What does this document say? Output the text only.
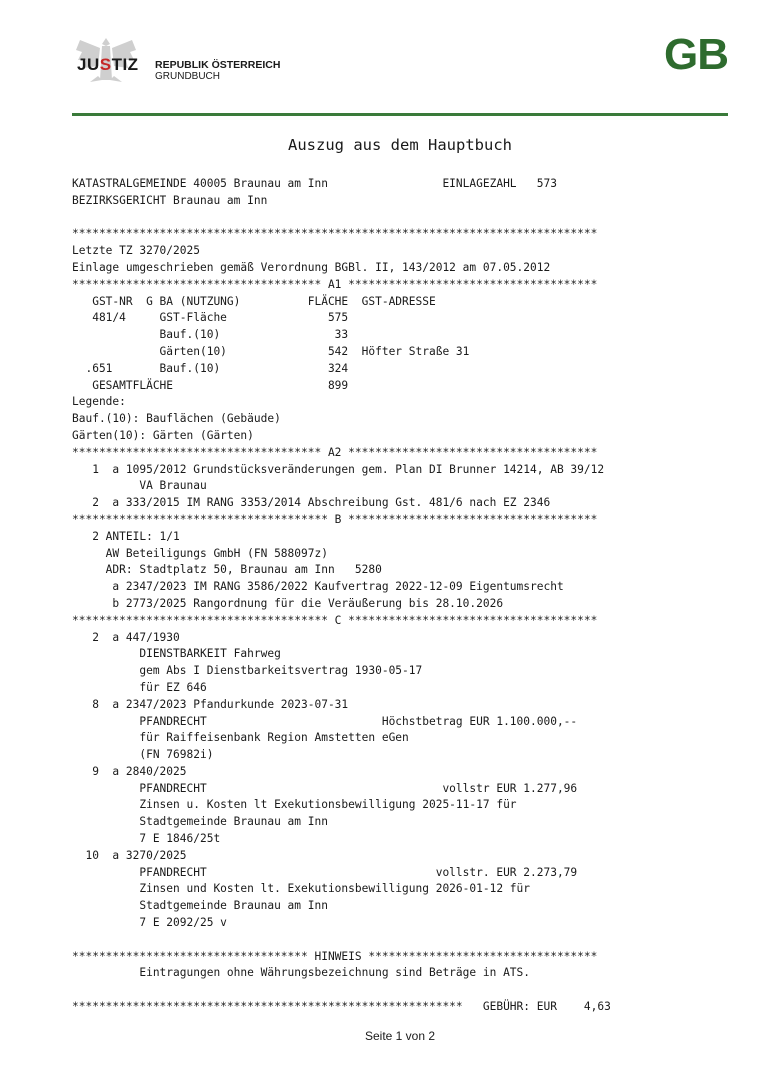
JUSTIZ REPUBLIK ÖSTERREICH
GRUNDBUCH	GB
Auszug aus dem Hauptbuch
KATASTRALGEMEINDE 40005 Braunau am Inn                 EINLAGEZAHL   573
BEZIRKSGERICHT Braunau am Inn
******************************************************************************
Letzte TZ 3270/2025
Einlage umgeschrieben gemäß Verordnung BGBl. II, 143/2012 am 07.05.2012
************************************* A1 *************************************
GST-NR  G BA (NUTZUNG)          FLÄCHE  GST-ADRESSE
481/4     GST-Fläche               575
Bauf.(10)                 33
Gärten(10)               542  Höfter Straße 31
.651       Bauf.(10)                324
GESAMTFLÄCHE                       899
Legende:
Bauf.(10): Bauflächen (Gebäude)
Gärten(10): Gärten (Gärten)
************************************* A2 *************************************
1  a 1095/2012 Grundstücksveränderungen gem. Plan DI Brunner 14214, AB 39/12
VA Braunau
2  a 333/2015 IM RANG 3353/2014 Abschreibung Gst. 481/6 nach EZ 2346
************************************** B *************************************
2 ANTEIL: 1/1
AW Beteiligungs GmbH (FN 588097z)
ADR: Stadtplatz 50, Braunau am Inn   5280
a 2347/2023 IM RANG 3586/2022 Kaufvertrag 2022-12-09 Eigentumsrecht
b 2773/2025 Rangordnung für die Veräußerung bis 28.10.2026
************************************** C *************************************
2  a 447/1930
DIENSTBARKEIT Fahrweg
gem Abs I Dienstbarkeitsvertrag 1930-05-17
für EZ 646
8  a 2347/2023 Pfandurkunde 2023-07-31
PFANDRECHT                          Höchstbetrag EUR 1.100.000,--
für Raiffeisenbank Region Amstetten eGen
(FN 76982i)
9  a 2840/2025
PFANDRECHT                                   vollstr EUR 1.277,96
Zinsen u. Kosten lt Exekutionsbewilligung 2025-11-17 für
Stadtgemeinde Braunau am Inn
7 E 1846/25t
10  a 3270/2025
PFANDRECHT                                  vollstr. EUR 2.273,79
Zinsen und Kosten lt. Exekutionsbewilligung 2026-01-12 für
Stadtgemeinde Braunau am Inn
7 E 2092/25 v
*********************************** HINWEIS **********************************
Eintragungen ohne Währungsbezeichnung sind Beträge in ATS.
**********************************************************   GEBÜHR: EUR    4,63
Seite 1 von 2
